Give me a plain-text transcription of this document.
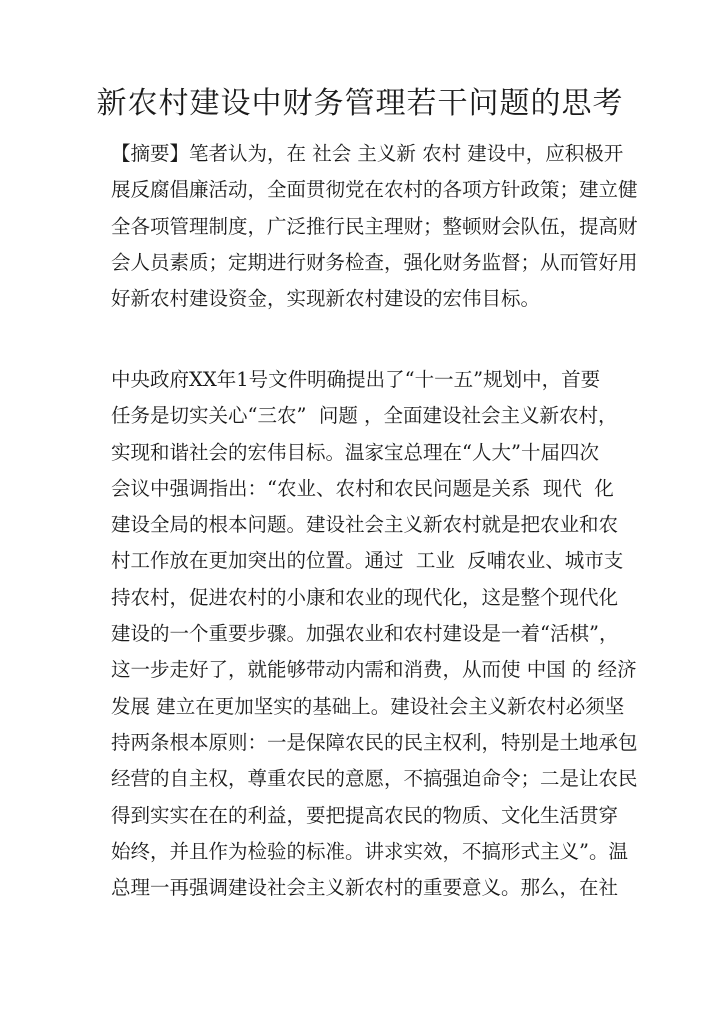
新农村建设中财务管理若干问题的思考
【摘要】笔者认为，在 社会 主义新 农村 建设中，应积极开
展反腐倡廉活动，全面贯彻党在农村的各项方针政策；建立健
全各项管理制度，广泛推行民主理财；整顿财会队伍，提高财
会人员素质；定期进行财务检查，强化财务监督；从而管好用
好新农村建设资金，实现新农村建设的宏伟目标。
中央政府XX年1号文件明确提出了“十一五”规划中，首要
任务是切实关心“三农”  问题 ，全面建设社会主义新农村，
实现和谐社会的宏伟目标。温家宝总理在“人大”十届四次
会议中强调指出：“农业、农村和农民问题是关系  现代  化
建设全局的根本问题。建设社会主义新农村就是把农业和农
村工作放在更加突出的位置。通过  工业  反哺农业、城市支
持农村，促进农村的小康和农业的现代化，这是整个现代化
建设的一个重要步骤。加强农业和农村建设是一着“活棋”，
这一步走好了，就能够带动内需和消费，从而使 中国 的 经济
发展 建立在更加坚实的基础上。建设社会主义新农村必须坚
持两条根本原则：一是保障农民的民主权利，特别是土地承包
经营的自主权，尊重农民的意愿，不搞强迫命令；二是让农民
得到实实在在的利益，要把提高农民的物质、文化生活贯穿
始终，并且作为检验的标准。讲求实效，不搞形式主义”。温
总理一再强调建设社会主义新农村的重要意义。那么，在社
